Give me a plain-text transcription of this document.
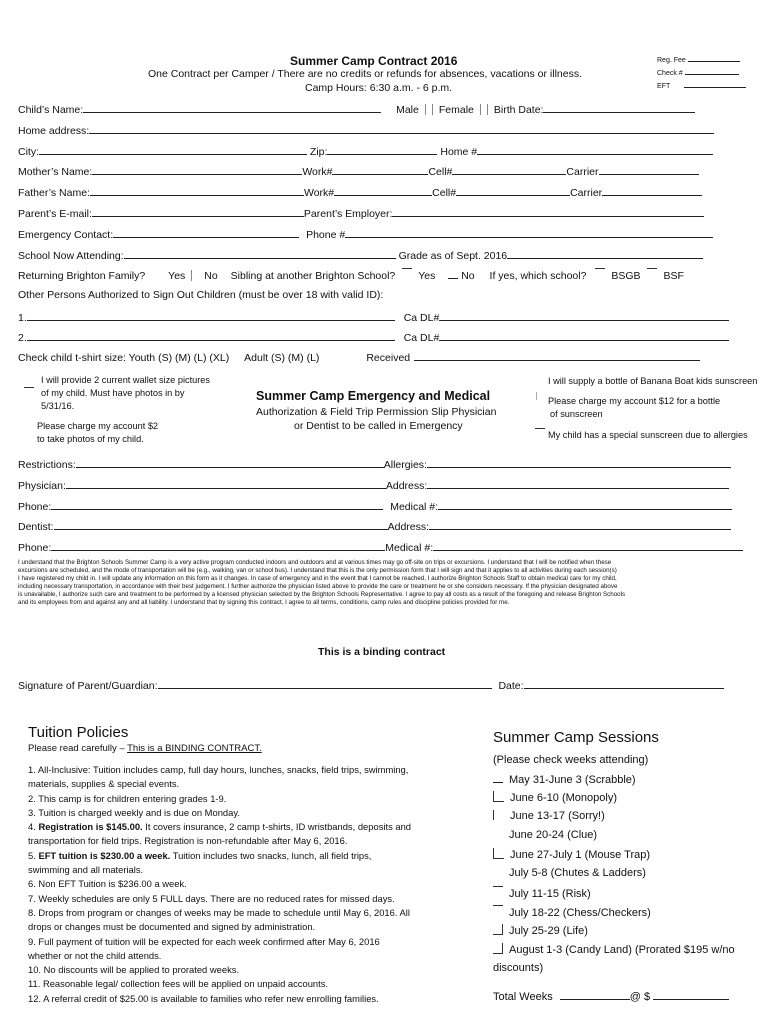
Summer Camp Contract 2016
One Contract per Camper / There are no credits or refunds for absences, vacations or illness.
Camp Hours: 6:30 a.m. - 6 p.m.
Reg. Fee
Check #
EFT
Child’s Name:	Male Female Birth Date:
Home address:
City:	Zip:	Home #
Mother’s Name:	Work#	Cell#	Carrier
Father’s Name:	Work#	Cell#	Carrier
Parent’s E-mail:	Parent’s Employer:
Emergency Contact:	Phone #
School Now Attending:	Grade as of Sept. 2016
Returning Brighton Family? Yes No Sibling at another Brighton School? Yes No If yes, which school? BSGB BSF
Other Persons Authorized to Sign Out Children (must be over 18 with valid ID):
1.	Ca DL#
2.	Ca DL#
Check child t-shirt size: Youth (S) (M) (L) (XL) Adult (S) (M) (L)	Received
I will provide 2 current wallet size pictures
of my child. Must have photos in by
5/31/16.
Please charge my account $2
to take photos of my child.
Summer Camp Emergency and Medical
Authorization & Field Trip Permission Slip Physician
or Dentist to be called in Emergency
I will supply a bottle of Banana Boat kids sunscreen
Please charge my account $12 for a bottle
of sunscreen
My child has a special sunscreen due to allergies
Restrictions:	Allergies:
Physician:	Address:
Phone:	Medical #:
Dentist:	Address:
Phone:	Medical #:
I understand that the Brighton Schools Summer Camp is a very active program conducted indoors and outdoors and at various times may go off-site on trips or excursions. I understand that I will be notified when these
excursions are scheduled, and the mode of transportation will be (e.g., walking, van or school bus). I understand that this is the only permission form that I will sign and that it applies to all activities during each session(s)
I have registered my child in. I will update any information on this form as it changes. In case of emergency and in the event that I cannot be reached, I authorize Brighton Schools Staff to obtain medical care for my child,
including necessary transportation, in accordance with their best judgement. I further authorize the physician listed above to provide the care or treatment he or she considers necessary. If the physician designated above
is unavailable, I authorize such care and treatment to be performed by a licensed physician selected by the Brighton Schools Representative. I agree to pay all costs as a result of the foregoing and release Brighton Schools
and its employees from and against any and all liability. I understand that by signing this contract, I agree to all terms, conditions, camp rules and discipline policies provided for me.
This is a binding contract
Signature of Parent/Guardian:	Date:
Tuition Policies
Please read carefully – This is a BINDING CONTRACT.
1. All-Inclusive: Tuition includes camp, full day hours, lunches, snacks, field trips, swimming,
materials, supplies & special events.
2. This camp is for children entering grades 1-9.
3. Tuition is charged weekly and is due on Monday.
4. Registration is $145.00. It covers insurance, 2 camp t-shirts, ID wristbands, deposits and
transportation for field trips. Registration is non-refundable after May 6, 2016.
5. EFT tuition is $230.00 a week. Tuition includes two snacks, lunch, all field trips,
swimming and all materials.
6. Non EFT Tuition is $236.00 a week.
7. Weekly schedules are only 5 FULL days. There are no reduced rates for missed days.
8. Drops from program or changes of weeks may be made to schedule until May 6, 2016. All
drops or changes must be documented and signed by administration.
9. Full payment of tuition will be expected for each week confirmed after May 6, 2016
whether or not the child attends.
10. No discounts will be applied to prorated weeks.
11. Reasonable legal/ collection fees will be applied on unpaid accounts.
12. A referral credit of $25.00 is available to families who refer new enrolling families.
Summer Camp Sessions
(Please check weeks attending)
May 31-June 3 (Scrabble)
June 6-10 (Monopoly)
June 13-17 (Sorry!)
June 20-24 (Clue)
June 27-July 1 (Mouse Trap)
July 5-8 (Chutes & Ladders)
July 11-15 (Risk)
July 18-22 (Chess/Checkers)
July 25-29 (Life)
August 1-3 (Candy Land) (Prorated $195 w/no
discounts)
Total Weeks	@ $
